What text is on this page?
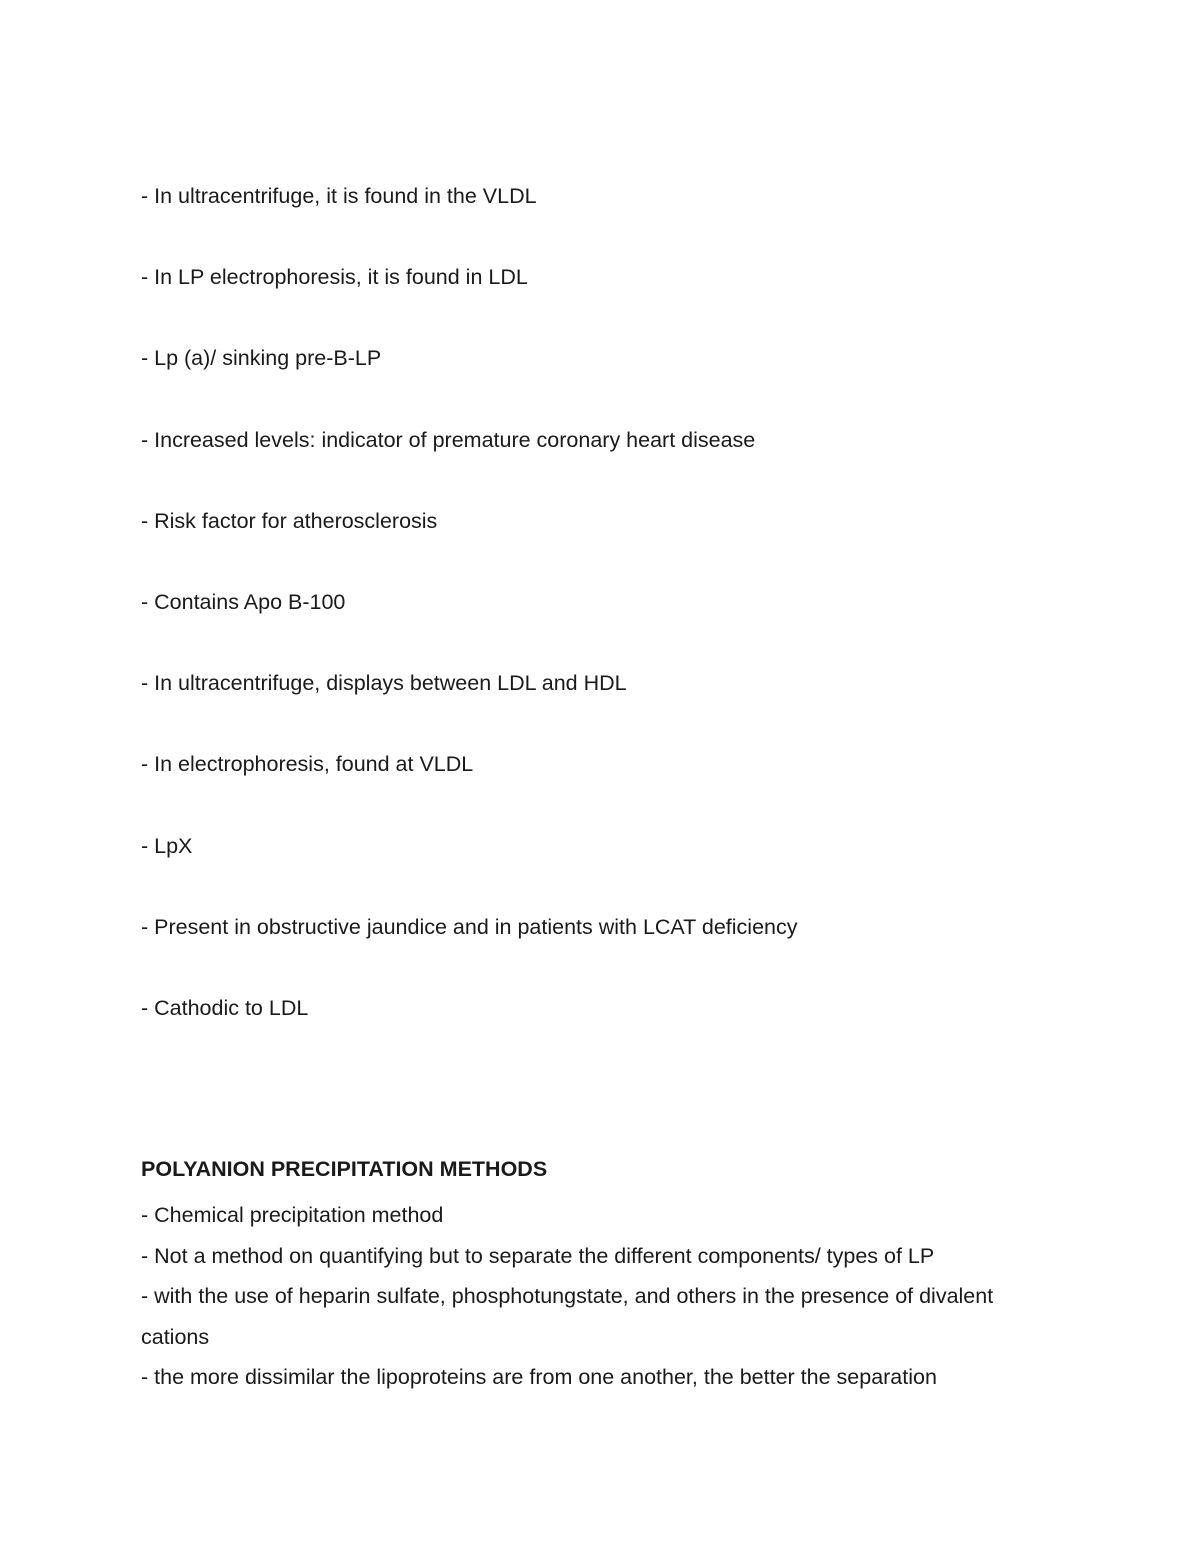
- In ultracentrifuge, it is found in the VLDL
- In LP electrophoresis, it is found in LDL
- Lp (a)/ sinking pre-B-LP
- Increased levels: indicator of premature coronary heart disease
- Risk factor for atherosclerosis
- Contains Apo B-100
- In ultracentrifuge, displays between LDL and HDL
- In electrophoresis, found at VLDL
- LpX
- Present in obstructive jaundice and in patients with LCAT deficiency
- Cathodic to LDL
POLYANION PRECIPITATION METHODS
- Chemical precipitation method
- Not a method on quantifying but to separate the different components/ types of LP
- with the use of heparin sulfate, phosphotungstate, and others in the presence of divalent cations
- the more dissimilar the lipoproteins are from one another, the better the separation
